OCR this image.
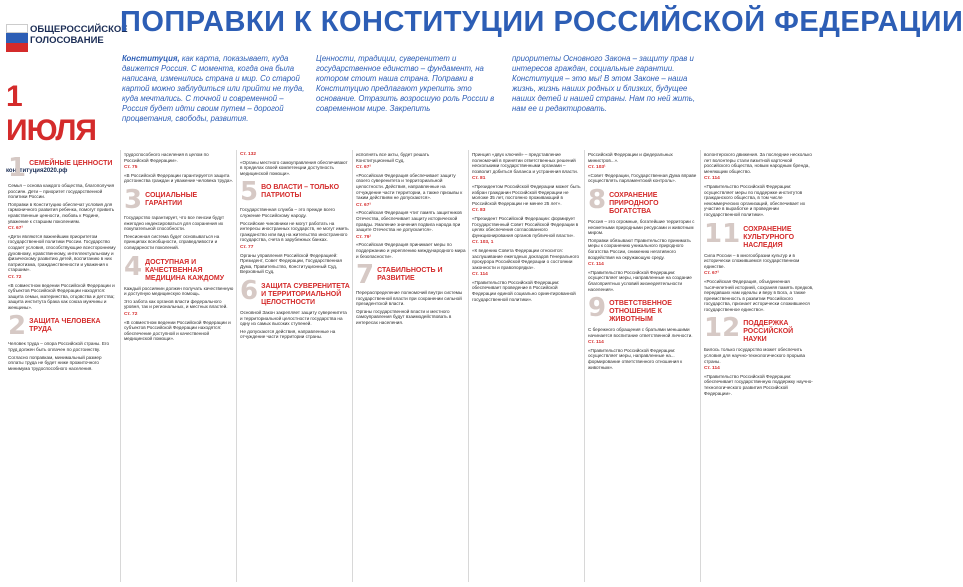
ОБЩЕРОССИЙСКОЕ
ГОЛОСОВАНИЕ
1 ИЮЛЯ
конституция2020.рф
ПОПРАВКИ К КОНСТИТУЦИИ РОССИЙСКОЙ ФЕДЕРАЦИИ
Конституция, как карта, показывает, куда движется Россия. С момента, когда она была написана, изменились страна и мир. Со старой картой можно заблудиться или прийти не туда, куда мечтались. С точной и современной – Россия будет идти своим путем – дорогой процветания, свободы, развития.
Ценности, традиции, суверенитет и государственное единство – фундамент, на котором стоит наша страна. Поправки в Конституцию предлагают укрепить это основание. Отразить возросшую роль России в современном мире. Закрепить
приоритеты Основного Закона – защиту прав и интересов граждан, социальные гарантии. Конституция – это мы! В этом Законе – наша жизнь, жизнь наших родных и близких, будущее наших детей и нашей страны. Нам по ней жить, нам ее и редактировать.
1 СЕМЕЙНЫЕ ЦЕННОСТИ

Семья – основа каждого общества, благополучия россиян. Дети – приоритет государственной политики России.

Поправки в Конституцию обеспечат условия для гармоничного развития ребенка, помогут привить нравственные ценности, любовь к Родине, уважение к старшим поколениям.

Ст. 67¹

«Дети являются важнейшим приоритетом государственной политики России. Государство создает условия, способствующие всестороннему духовному, нравственному, интеллектуальному и физическому развитию детей, воспитанию в них патриотизма, гражданственности и уважения к старшим».

Ст. 72

«В совместном ведении Российской Федерации и субъектов Российской Федерации находятся: защита семьи, материнства, отцовства и детства; защита института брака как союза мужчины и женщины».

2 ЗАЩИТА ЧЕЛОВЕКА ТРУДА

Человек труда – опора Российской страны. Его труд должен быть оплачен по достоинству.

Согласно поправкам, минимальный размер оплаты труда не будет ниже прожиточного минимума трудоспособного населения.

трудоспособного населения в целом по Российской Федерации».

Ст. 75

«В Российской Федерации гарантируется защита достоинства граждан и уважение человека труда».

3 СОЦИАЛЬНЫЕ ГАРАНТИИ

Государство гарантирует, что все пенсии будут ежегодно индексироваться для сохранения их покупательной способности.

Пенсионная система будет основываться на принципах всеобщности, справедливости и солидарности поколений.

4 ДОСТУПНАЯ И КАЧЕСТВЕННАЯ МЕДИЦИНА КАЖДОМУ

Каждый россиянин должен получать качественную и доступную медицинскую помощь.

Это забота как органов власти федерального уровня, так и региональных, и местных властей.

Ст. 72

«В совместном ведении Российской Федерации и субъектов Российской Федерации находятся: обеспечение доступной и качественной медицинской помощи».

Ст. 132

«Органы местного самоуправления обеспечивают в пределах своей компетенции доступность медицинской помощи».

5 ВО ВЛАСТИ – ТОЛЬКО ПАТРИОТЫ

Государственная служба – это прежде всего служение Российскому народу.

Российские чиновники не могут работать на интересы иностранных государств, не могут иметь гражданство или вид на жительство иностранного государства, счета в зарубежных банках.

Ст. 77

Органы управления Российской Федерацией: Президент, Совет Федерации, Государственная Дума, Правительство, Конституционный Суд, Верховный Суд.

6 ЗАЩИТА СУВЕРЕНИТЕТА И ТЕРРИТОРИАЛЬНОЙ ЦЕЛОСТНОСТИ

Основной Закон закрепляет защиту суверенитета и территориальной целостности государства на одну из самых высоких ступеней.

Не допускаются действия, направленные на отчуждение части территории страны.

исполнять все акты, будет решать Конституционный Суд.

Ст. 67¹

«Российская Федерация обеспечивает защиту своего суверенитета и территориальной целостности. Действия, направленные на отчуждение части территории, а также призывы к таким действиям не допускаются».

Ст. 67¹

«Российская Федерация чтит память защитников Отечества, обеспечивает защиту исторической правды. Умаление значения подвига народа при защите Отечества не допускается».

Ст. 79¹

«Российская Федерация принимает меры по поддержанию и укреплению международного мира и безопасности».

7 СТАБИЛЬНОСТЬ И РАЗВИТИЕ

Перераспределение полномочий внутри системы государственной власти при сохранении сильной президентской власти.

Органы государственной власти и местного самоуправления будут взаимодействовать в интересах населения.

Принцип «двух ключей» – представление полномочий в принятии ответственных решений несколькими государственными органами – позволит добиться баланса и устранения власти.

Ст. 81

«Президентом Российской Федерации может быть избран гражданин Российской Федерации не моложе 35 лет, постоянно проживающий в Российской Федерации не менее 25 лет».

Ст. 83

«Президент Российской Федерации: формирует Государственный Совет Российской Федерации в целях обеспечения согласованного функционирования органов публичной власти».

Ст. 103, 1

«К ведению Совета Федерации относится: заслушивание ежегодных докладов Генерального прокурора Российской Федерации о состоянии законности и правопорядка».

Ст. 114

«Правительство Российской Федерации: обеспечивает проведение в Российской Федерации единой социально ориентированной государственной политики».

Российской Федерации и федеральных министров...».

Ст. 103¹

«Совет Федерации, Государственная Дума вправе осуществлять парламентский контроль».

8 СОХРАНЕНИЕ ПРИРОДНОГО БОГАТСТВА

Россия – это огромные, богатейшие территории с несметными природными ресурсами и животным миром.

Поправки обязывают Правительство принимать меры к сохранению уникального природного богатства России, снижению негативного воздействия на окружающую среду.

Ст. 114

«Правительство Российской Федерации: осуществляет меры, направленные на создание благоприятных условий жизнедеятельности населения».

9 ОТВЕТСТВЕННОЕ ОТНОШЕНИЕ К ЖИВОТНЫМ

С бережного обращения с братьями меньшими начинается воспитание ответственной личности.

Ст. 114

«Правительство Российской Федерации: осуществляет меры, направленные на... формирование ответственного отношения к животным».

волонтерского движения. За последние несколько лет волонтеры стали визитной карточкой российского общества, новым народным бренда, меняющим общество.

Ст. 114

«Правительство Российской Федерации: осуществляет меры по поддержке институтов гражданского общества, в том числе некоммерческих организаций, обеспечивает их участие в выработке и проведении государственной политики».

11 СОХРАНЕНИЕ КУЛЬТУРНОГО НАСЛЕДИЯ

Сила России – в многообразии культур и в исторически сложившемся государственном единстве.

Ст. 67¹

«Российская Федерация, объединенная тысячелетней историей, сохраняя память предков, передавших нам идеалы и веру в Бога, а также преемственность в развитии Российского государства, признает исторически сложившееся государственное единство».

12 ПОДДЕРЖКА РОССИЙСКОЙ НАУКИ

Билось только государство может обеспечить условия для научно-технологического прорыва страны.

Ст. 114

«Правительство Российской Федерации: обеспечивает государственную поддержку научно-технологического развития Российской Федерации».
